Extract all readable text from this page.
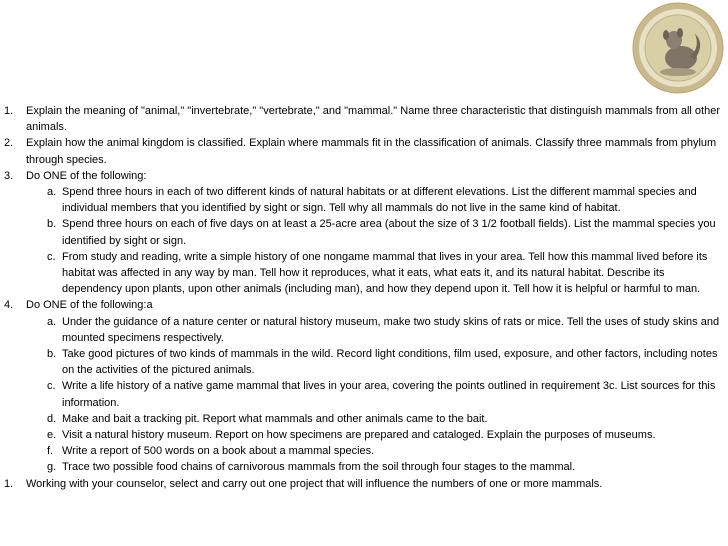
1. Explain the meaning of "animal," "invertebrate," "vertebrate," and "mammal." Name three characteristic that distinguish mammals from all other animals.
2. Explain how the animal kingdom is classified. Explain where mammals fit in the classification of animals. Classify three mammals from phylum through species.
3. Do ONE of the following:
a. Spend three hours in each of two different kinds of natural habitats or at different elevations. List the different mammal species and individual members that you identified by sight or sign. Tell why all mammals do not live in the same kind of habitat.
b. Spend three hours on each of five days on at least a 25-acre area (about the size of 3 1/2 football fields). List the mammal species you identified by sight or sign.
c. From study and reading, write a simple history of one nongame mammal that lives in your area. Tell how this mammal lived before its habitat was affected in any way by man. Tell how it reproduces, what it eats, what eats it, and its natural habitat. Describe its dependency upon plants, upon other animals (including man), and how they depend upon it. Tell how it is helpful or harmful to man.
4. Do ONE of the following:a
a. Under the guidance of a nature center or natural history museum, make two study skins of rats or mice. Tell the uses of study skins and mounted specimens respectively.
b. Take good pictures of two kinds of mammals in the wild. Record light conditions, film used, exposure, and other factors, including notes on the activities of the pictured animals.
c. Write a life history of a native game mammal that lives in your area, covering the points outlined in requirement 3c. List sources for this information.
d. Make and bait a tracking pit. Report what mammals and other animals came to the bait.
e. Visit a natural history museum. Report on how specimens are prepared and cataloged. Explain the purposes of museums.
f. Write a report of 500 words on a book about a mammal species.
g. Trace two possible food chains of carnivorous mammals from the soil through four stages to the mammal.
1. Working with your counselor, select and carry out one project that will influence the numbers of one or more mammals.
